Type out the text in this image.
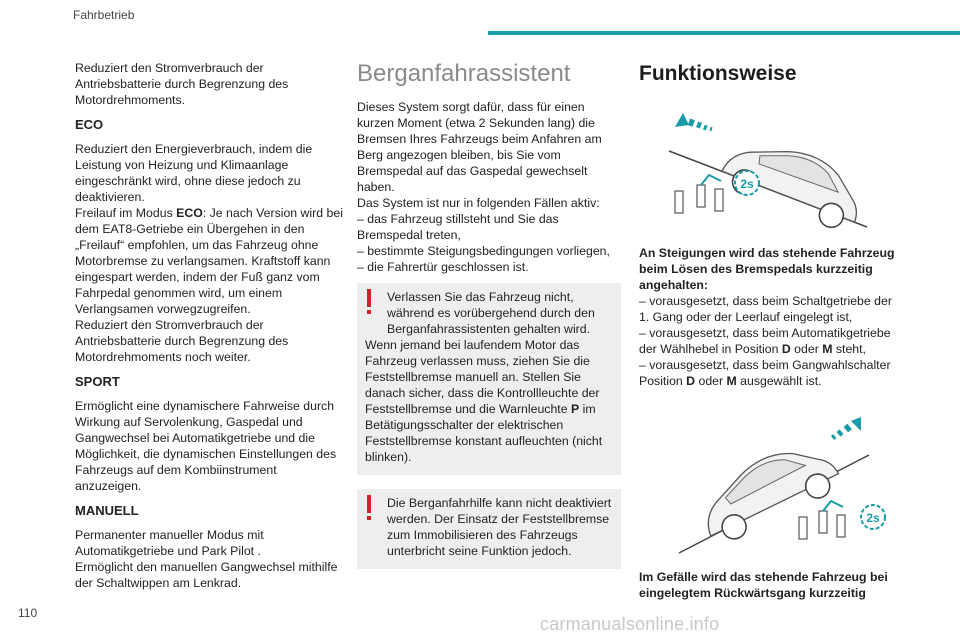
Fahrbetrieb

Reduziert den Stromverbrauch der Antriebsbatterie durch Begrenzung des Motordrehmoments.

ECO

Reduziert den Energieverbrauch, indem die Leistung von Heizung und Klimaanlage eingeschränkt wird, ohne diese jedoch zu deaktivieren.

Freilauf im Modus ECO: Je nach Version wird bei dem EAT8-Getriebe ein Übergehen in den „Freilauf“ empfohlen, um das Fahrzeug ohne Motorbremse zu verlangsamen. Kraftstoff kann eingespart werden, indem der Fuß ganz vom Fahrpedal genommen wird, um einem Verlangsamen vorwegzugreifen.

Reduziert den Stromverbrauch der Antriebsbatterie durch Begrenzung des Motordrehmoments noch weiter.

SPORT

Ermöglicht eine dynamischere Fahrweise durch Wirkung auf Servolenkung, Gaspedal und Gangwechsel bei Automatikgetriebe und die Möglichkeit, die dynamischen Einstellungen des Fahrzeugs auf dem Kombiinstrument anzuzeigen.

MANUELL

Permanenter manueller Modus mit Automatikgetriebe und Park Pilot .

Ermöglicht den manuellen Gangwechsel mithilfe der Schaltwippen am Lenkrad.

Berganfahrassistent

Dieses System sorgt dafür, dass für einen kurzen Moment (etwa 2 Sekunden lang) die Bremsen Ihres Fahrzeugs beim Anfahren am Berg angezogen bleiben, bis Sie vom Bremspedal auf das Gaspedal gewechselt haben.

Das System ist nur in folgenden Fällen aktiv:

– das Fahrzeug stillsteht und Sie das Bremspedal treten,

– bestimmte Steigungsbedingungen vorliegen,

– die Fahrertür geschlossen ist.

Verlassen Sie das Fahrzeug nicht, während es vorübergehend durch den Berganfahrassistenten gehalten wird.

Wenn jemand bei laufendem Motor das Fahrzeug verlassen muss, ziehen Sie die Feststellbremse manuell an. Stellen Sie danach sicher, dass die Kontrollleuchte der Feststellbremse und die Warnleuchte P im Betätigungsschalter der elektrischen Feststellbremse konstant aufleuchten (nicht blinken).

Die Berganfahrhilfe kann nicht deaktiviert werden. Der Einsatz der Feststellbremse zum Immobilisieren des Fahrzeugs unterbricht seine Funktion jedoch.

Funktionsweise
2s

An Steigungen wird das stehende Fahrzeug beim Lösen des Bremspedals kurzzeitig angehalten:

– vorausgesetzt, dass beim Schaltgetriebe der 1. Gang oder der Leerlauf eingelegt ist,

– vorausgesetzt, dass beim Automatikgetriebe der Wählhebel in Position D oder M steht,

– vorausgesetzt, dass beim Gangwahlschalter Position D oder M ausgewählt ist.

2s

Im Gefälle wird das stehende Fahrzeug bei eingelegtem Rückwärtsgang kurzzeitig

110
carmanualsonline.info
